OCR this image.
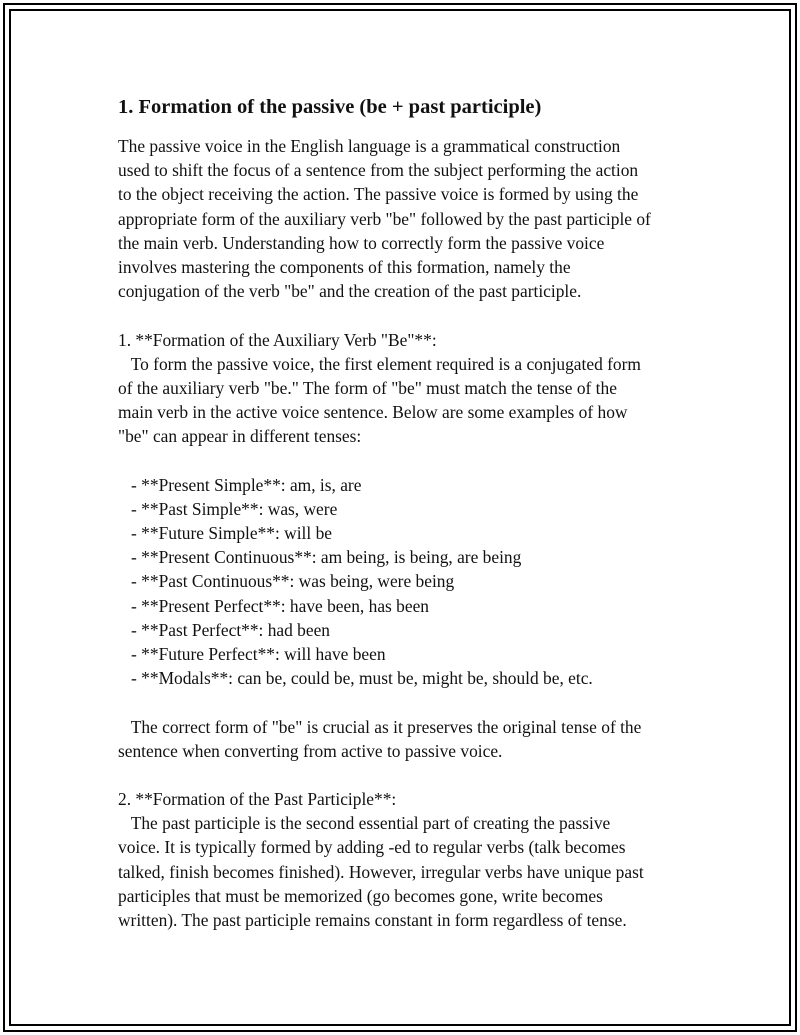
1. Formation of the passive (be + past participle)
The passive voice in the English language is a grammatical construction
used to shift the focus of a sentence from the subject performing the action
to the object receiving the action. The passive voice is formed by using the
appropriate form of the auxiliary verb "be" followed by the past participle of
the main verb. Understanding how to correctly form the passive voice
involves mastering the components of this formation, namely the
conjugation of the verb "be" and the creation of the past participle.
1. **Formation of the Auxiliary Verb "Be"**:
To form the passive voice, the first element required is a conjugated form
of the auxiliary verb "be." The form of "be" must match the tense of the
main verb in the active voice sentence. Below are some examples of how
"be" can appear in different tenses:
- **Present Simple**: am, is, are
- **Past Simple**: was, were
- **Future Simple**: will be
- **Present Continuous**: am being, is being, are being
- **Past Continuous**: was being, were being
- **Present Perfect**: have been, has been
- **Past Perfect**: had been
- **Future Perfect**: will have been
- **Modals**: can be, could be, must be, might be, should be, etc.
The correct form of "be" is crucial as it preserves the original tense of the
sentence when converting from active to passive voice.
2. **Formation of the Past Participle**:
The past participle is the second essential part of creating the passive
voice. It is typically formed by adding -ed to regular verbs (talk becomes
talked, finish becomes finished). However, irregular verbs have unique past
participles that must be memorized (go becomes gone, write becomes
written). The past participle remains constant in form regardless of tense.
